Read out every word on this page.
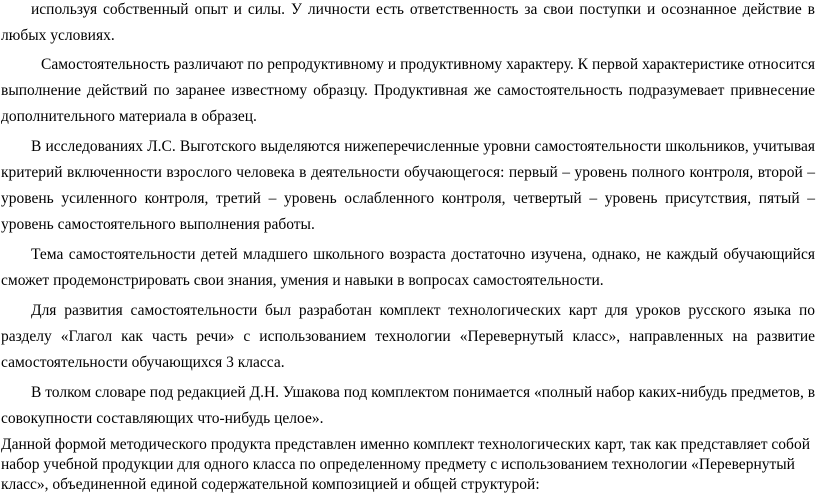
используя собственный опыт и силы. У личности есть ответственность за свои поступки и осознанное действие в любых условиях.

Самостоятельность различают по репродуктивному и продуктивному характеру. К первой характеристике относится выполнение действий по заранее известному образцу. Продуктивная же самостоятельность подразумевает привнесение дополнительного материала в образец.

В исследованиях Л.С. Выготского выделяются нижеперечисленные уровни самостоятельности школьников, учитывая критерий включенности взрослого человека в деятельности обучающегося: первый – уровень полного контроля, второй – уровень усиленного контроля, третий – уровень ослабленного контроля, четвертый – уровень присутствия, пятый – уровень самостоятельного выполнения работы.

Тема самостоятельности детей младшего школьного возраста достаточно изучена, однако, не каждый обучающийся сможет продемонстрировать свои знания, умения и навыки в вопросах самостоятельности.

Для развития самостоятельности был разработан комплект технологических карт для уроков русского языка по разделу «Глагол как часть речи» с использованием технологии «Перевернутый класс», направленных на развитие самостоятельности обучающихся 3 класса.

В толком словаре под редакцией Д.Н. Ушакова под комплектом понимается «полный набор каких-нибудь предметов, в совокупности составляющих что-нибудь целое».

Данной формой методического продукта представлен именно комплект технологических карт, так как представляет собой набор учебной продукции для одного класса по определенному предмету с использованием технологии «Перевернутый класс», объединенной единой содержательной композицией и общей структурой:
